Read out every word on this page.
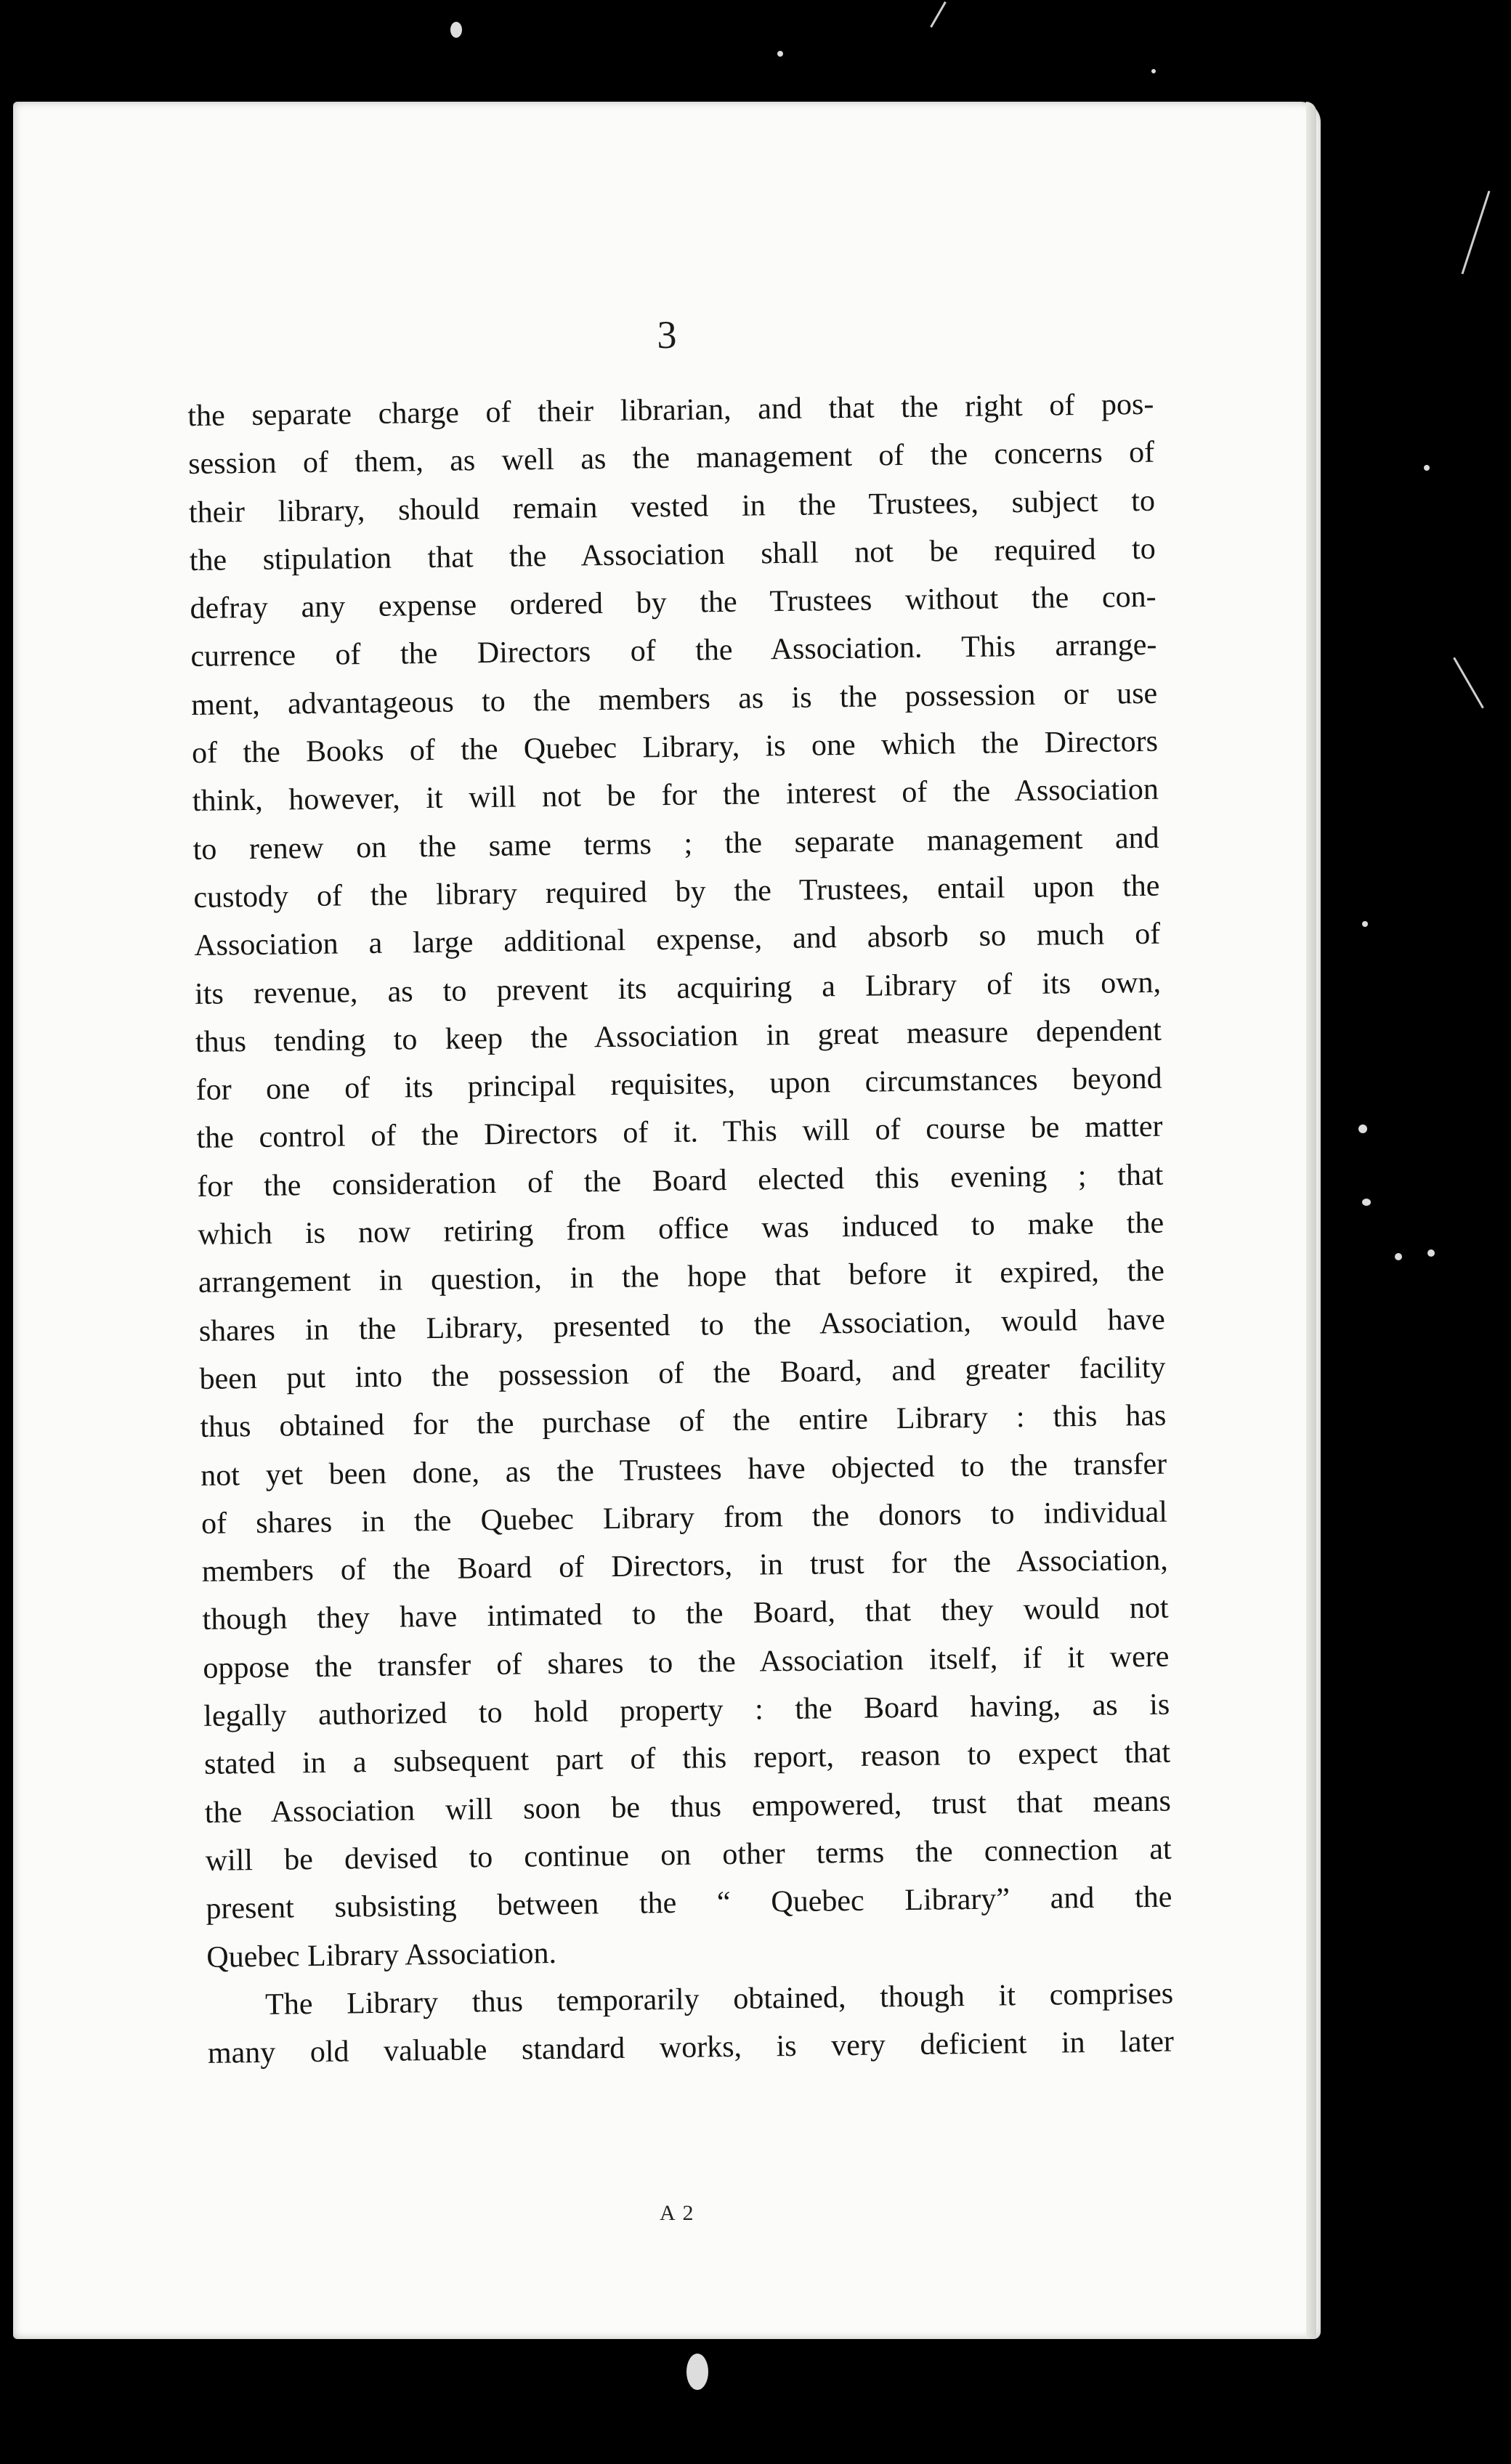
3
the separate charge of their librarian, and that the right of pos-
session of them, as well as the management of the concerns of
their library, should remain vested in the Trustees, subject to
the stipulation that the Association shall not be required to
defray any expense ordered by the Trustees without the con-
currence of the Directors of the Association. This arrange-
ment, advantageous to the members as is the possession or use
of the Books of the Quebec Library, is one which the Directors
think, however, it will not be for the interest of the Association
to renew on the same terms ; the separate management and
custody of the library required by the Trustees, entail upon the
Association a large additional expense, and absorb so much of
its revenue, as to prevent its acquiring a Library of its own,
thus tending to keep the Association in great measure dependent
for one of its principal requisites, upon circumstances beyond
the control of the Directors of it. This will of course be matter
for the consideration of the Board elected this evening ; that
which is now retiring from office was induced to make the
arrangement in question, in the hope that before it expired, the
shares in the Library, presented to the Association, would have
been put into the possession of the Board, and greater facility
thus obtained for the purchase of the entire Library : this has
not yet been done, as the Trustees have objected to the transfer
of shares in the Quebec Library from the donors to individual
members of the Board of Directors, in trust for the Association,
though they have intimated to the Board, that they would not
oppose the transfer of shares to the Association itself, if it were
legally authorized to hold property : the Board having, as is
stated in a subsequent part of this report, reason to expect that
the Association will soon be thus empowered, trust that means
will be devised to continue on other terms the connection at
present subsisting between the “ Quebec Library” and the
Quebec Library Association.
The Library thus temporarily obtained, though it comprises
many old valuable standard works, is very deficient in later
A 2
